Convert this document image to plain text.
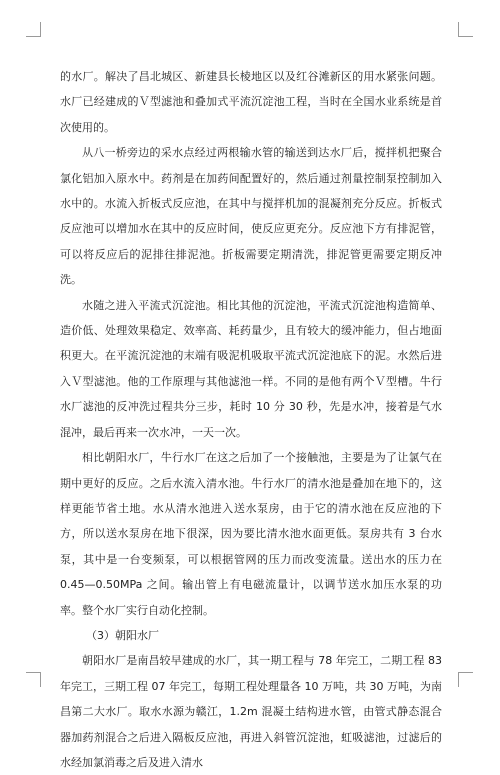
的水厂。解决了昌北城区、新建县长棱地区以及红谷滩新区的用水紧张问题。水厂已经建成的Ｖ型滤池和叠加式平流沉淀池工程，当时在全国水业系统是首次使用的。

从八一桥旁边的采水点经过两根输水管的输送到达水厂后，搅拌机把聚合氯化铝加入原水中。药剂是在加药间配置好的，然后通过剂量控制泵控制加入水中的。水流入折板式反应池，在其中与搅拌机加的混凝剂充分反应。折板式反应池可以增加水在其中的反应时间，使反应更充分。反应池下方有排泥管，可以将反应后的泥排往排泥池。折板需要定期清洗，排泥管更需要定期反冲洗。

水随之进入平流式沉淀池。相比其他的沉淀池，平流式沉淀池构造简单、造价低、处理效果稳定、效率高、耗药量少，且有较大的缓冲能力，但占地面积更大。在平流沉淀池的末端有吸泥机吸取平流式沉淀池底下的泥。水然后进入Ｖ型滤池。他的工作原理与其他滤池一样。不同的是他有两个Ｖ型槽。牛行水厂滤池的反冲洗过程共分三步，耗时 10 分 30 秒，先是水冲，接着是气水混冲，最后再来一次水冲，一天一次。

相比朝阳水厂，牛行水厂在这之后加了一个接触池，主要是为了让氯气在期中更好的反应。之后水流入清水池。牛行水厂的清水池是叠加在地下的，这样更能节省土地。水从清水池进入送水泵房，由于它的清水池在反应池的下方，所以送水泵房在地下很深，因为要比清水池水面更低。泵房共有 3 台水泵，其中是一台变频泵，可以根据管网的压力而改变流量。送出水的压力在 0.45—0.50MPa 之间。输出管上有电磁流量计，以调节送水加压水泵的功率。整个水厂实行自动化控制。

（3）朝阳水厂

朝阳水厂是南昌较早建成的水厂，其一期工程与 78 年完工，二期工程 83 年完工，三期工程 07 年完工，每期工程处理量各 10 万吨，共 30 万吨，为南昌第二大水厂。取水水源为赣江，1.2m 混凝土结构进水管，由管式静态混合器加药剂混合之后进入隔板反应池，再进入斜管沉淀池，虹吸滤池，过滤后的水经加氯消毒之后及进入清水
